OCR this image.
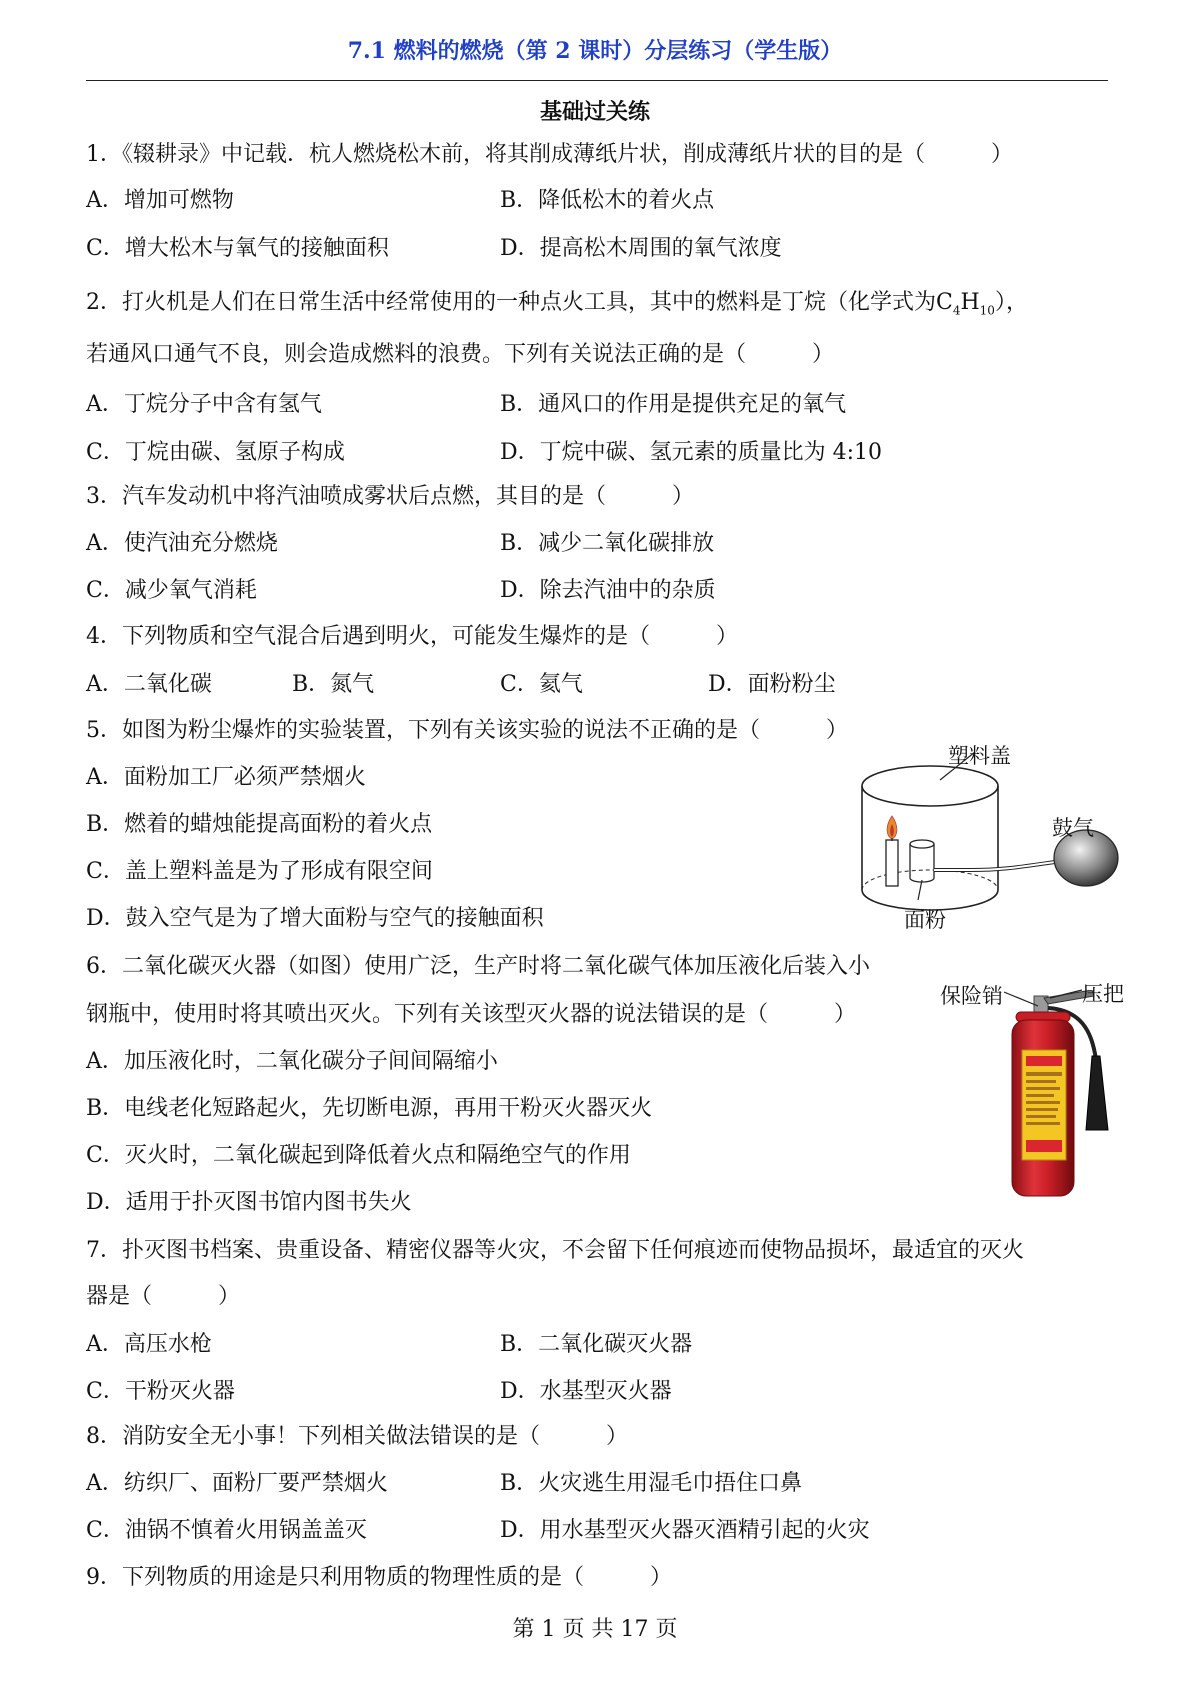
7.1 燃料的燃烧（第 2 课时）分层练习（学生版）
基础过关练
1．《辍耕录》中记载．杭人燃烧松木前，将其削成薄纸片状，削成薄纸片状的目的是（	）
A．增加可燃物	B．降低松木的着火点
C．增大松木与氧气的接触面积	D．提高松木周围的氧气浓度
2．打火机是人们在日常生活中经常使用的一种点火工具，其中的燃料是丁烷（化学式为$C_4H_{10}$），
若通风口通气不良，则会造成燃料的浪费。下列有关说法正确的是（	）
A．丁烷分子中含有氢气	B．通风口的作用是提供充足的氧气
C．丁烷由碳、氢原子构成	D．丁烷中碳、氢元素的质量比为 4:10
3．汽车发动机中将汽油喷成雾状后点燃，其目的是（	）
A．使汽油充分燃烧	B．减少二氧化碳排放
C．减少氧气消耗	D．除去汽油中的杂质
4．下列物质和空气混合后遇到明火，可能发生爆炸的是（	）
A．二氧化碳	B．氮气	C．氦气	D．面粉粉尘
5．如图为粉尘爆炸的实验装置，下列有关该实验的说法不正确的是（	）
A．面粉加工厂必须严禁烟火
B．燃着的蜡烛能提高面粉的着火点
C．盖上塑料盖是为了形成有限空间
D．鼓入空气是为了增大面粉与空气的接触面积
塑料盖
鼓气
面粉
6．二氧化碳灭火器（如图）使用广泛，生产时将二氧化碳气体加压液化后装入小
钢瓶中，使用时将其喷出灭火。下列有关该型灭火器的说法错误的是（	）
A．加压液化时，二氧化碳分子间间隔缩小
B．电线老化短路起火，先切断电源，再用干粉灭火器灭火
C．灭火时，二氧化碳起到降低着火点和隔绝空气的作用
D．适用于扑灭图书馆内图书失火
保险销	压把
7．扑灭图书档案、贵重设备、精密仪器等火灾，不会留下任何痕迹而使物品损坏，最适宜的灭火
器是（	）
A．高压水枪	B．二氧化碳灭火器
C．干粉灭火器	D．水基型灭火器
8．消防安全无小事！下列相关做法错误的是（	）
A．纺织厂、面粉厂要严禁烟火	B．火灾逃生用湿毛巾捂住口鼻
C．油锅不慎着火用锅盖盖灭	D．用水基型灭火器灭酒精引起的火灾
9．下列物质的用途是只利用物质的物理性质的是（	）
第 1 页 共 17 页
